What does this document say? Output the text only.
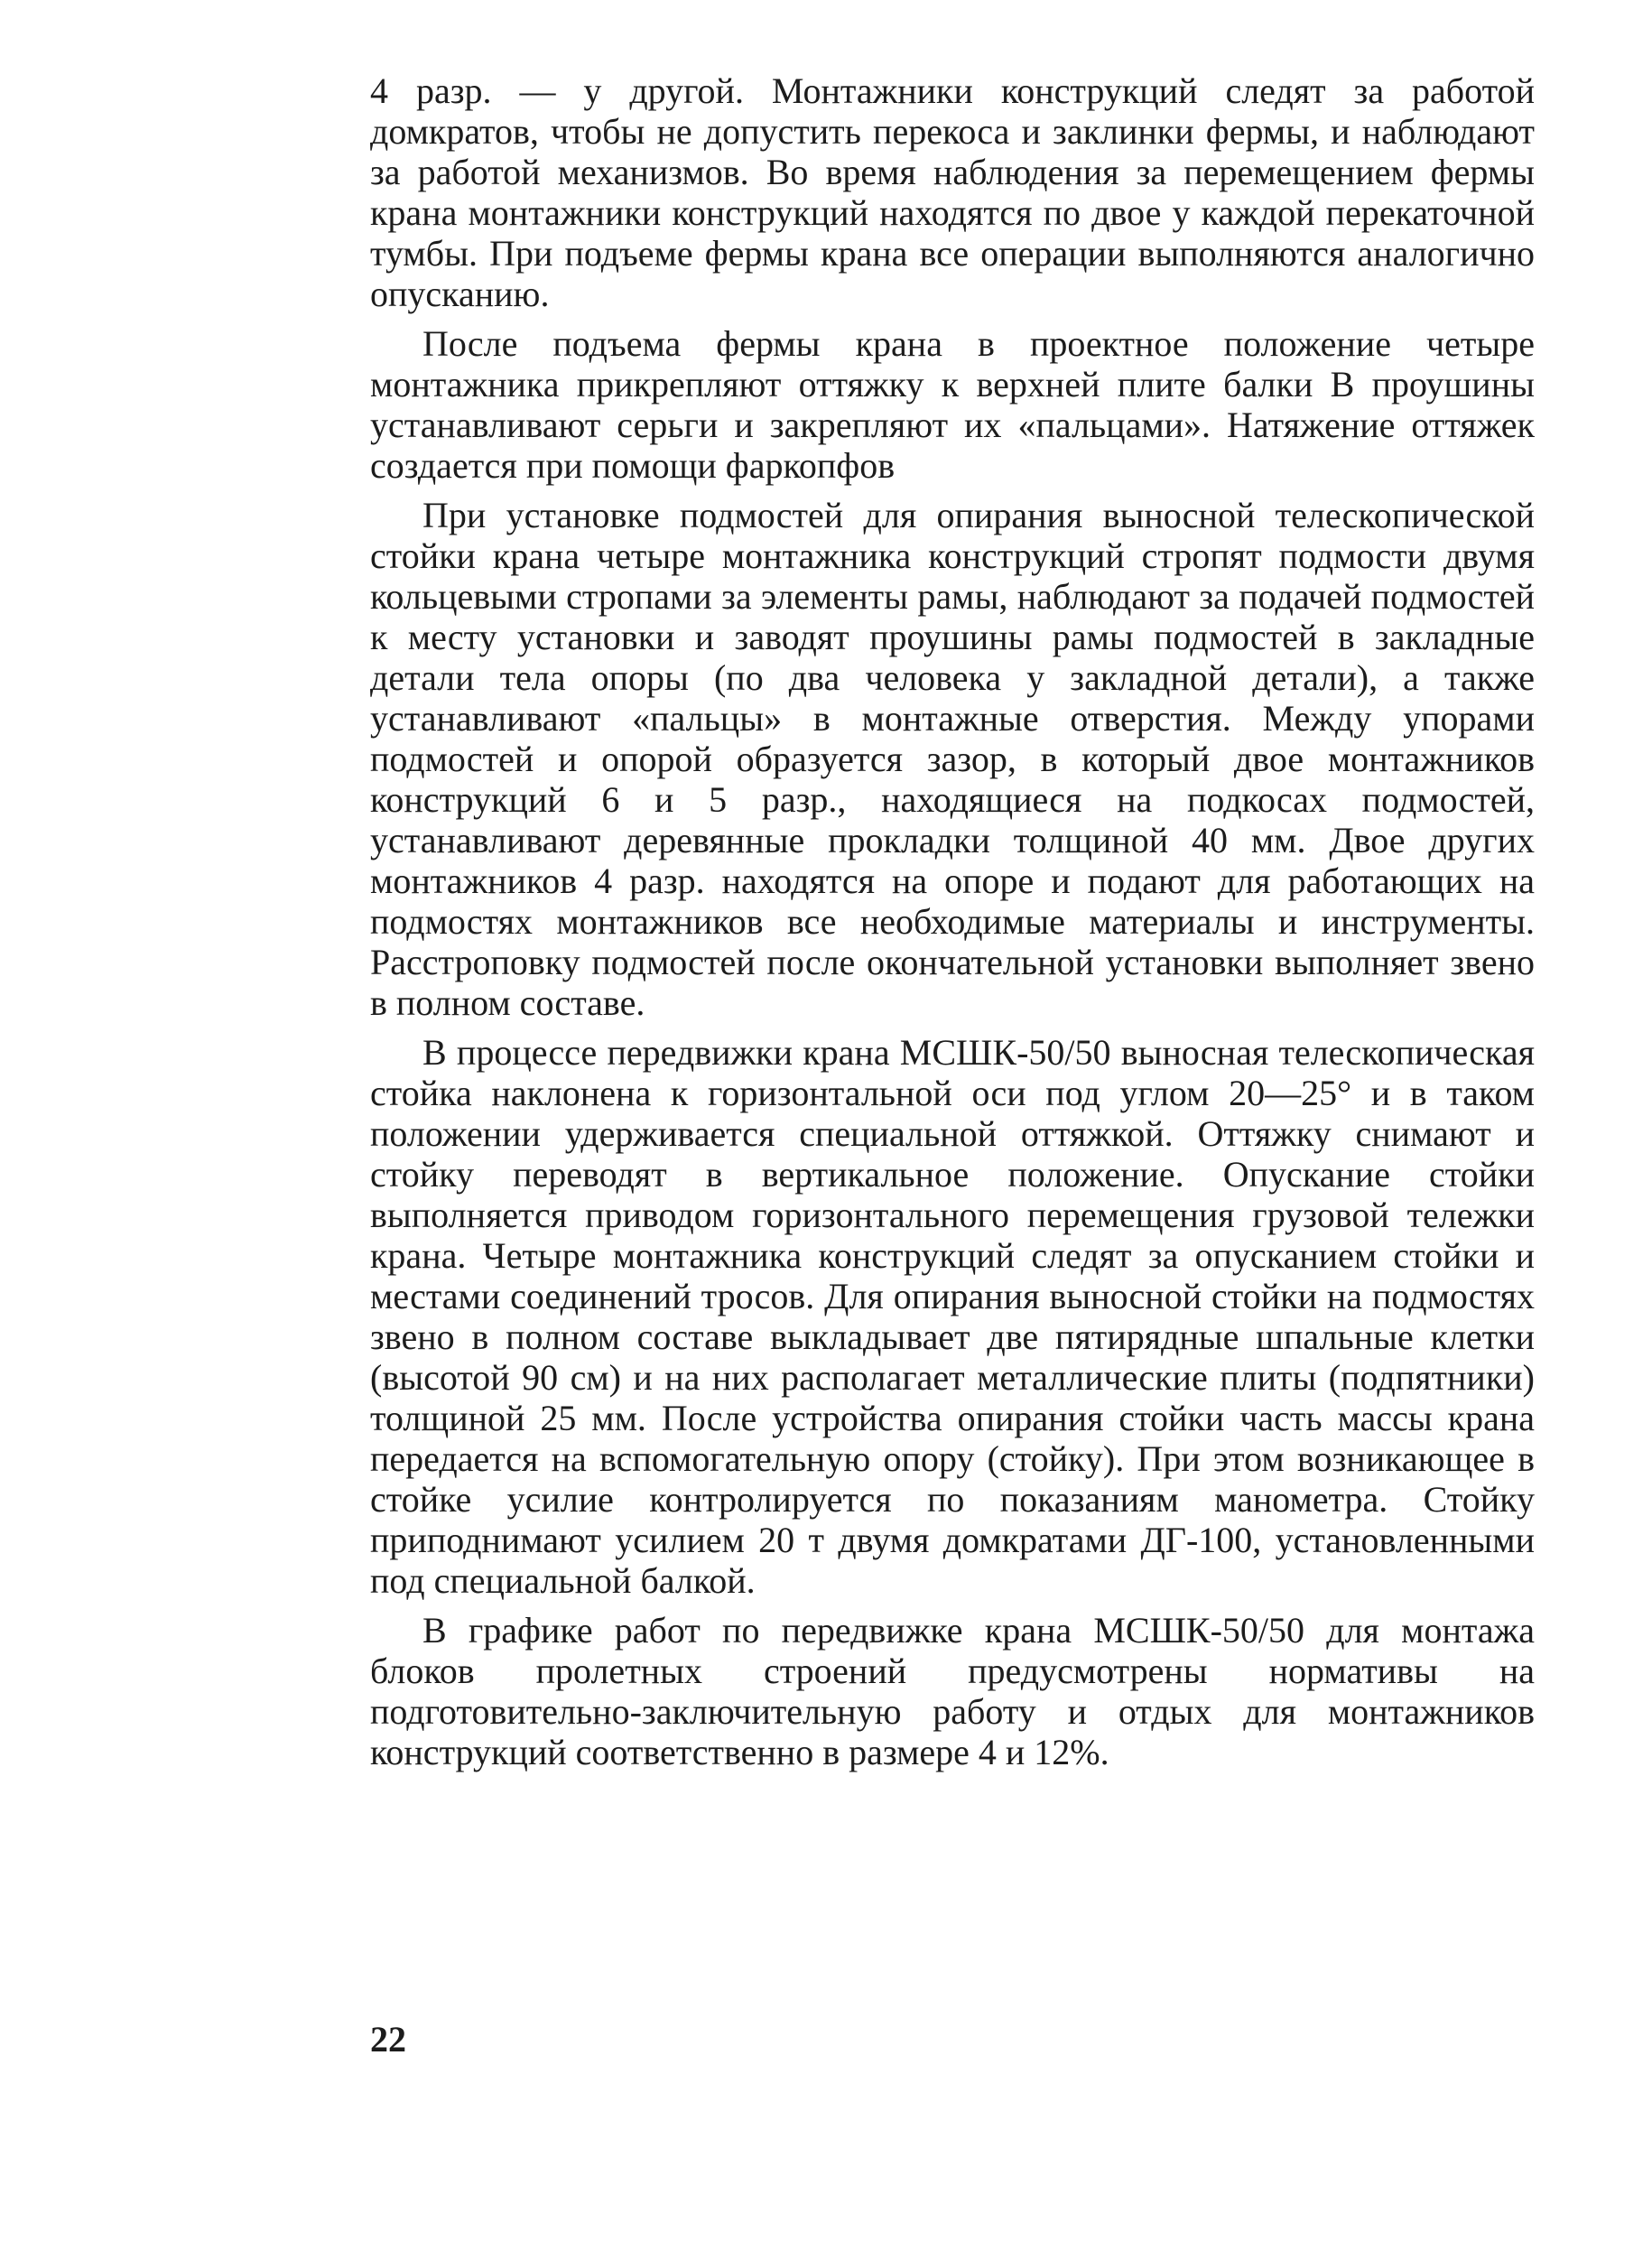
4 разр. — у другой. Монтажники конструкций следят за работой домкратов, чтобы не допустить перекоса и заклинки фермы, и наблюдают за работой механизмов. Во время наблюдения за перемещением фермы крана монтажники конструкций находятся по двое у каждой перекаточной тумбы. При подъеме фермы крана все операции выполняются аналогично опусканию.

После подъема фермы крана в проектное положение четыре монтажника прикрепляют оттяжку к верхней плите балки В проушины устанавливают серьги и закрепляют их «пальцами». Натяжение оттяжек создается при помощи фаркопфов

При установке подмостей для опирания выносной телескопической стойки крана четыре монтажника конструкций стропят подмости двумя кольцевыми стропами за элементы рамы, наблюдают за подачей подмостей к месту установки и заводят проушины рамы подмостей в закладные детали тела опоры (по два человека у закладной детали), а также устанавливают «пальцы» в монтажные отверстия. Между упорами подмостей и опорой образуется зазор, в который двое монтажников конструкций 6 и 5 разр., находящиеся на подкосах подмостей, устанавливают деревянные прокладки толщиной 40 мм. Двое других монтажников 4 разр. находятся на опоре и подают для работающих на подмостях монтажников все необходимые материалы и инструменты. Расстроповку подмостей после окончательной установки выполняет звено в полном составе.

В процессе передвижки крана МСШК-50/50 выносная телескопическая стойка наклонена к горизонтальной оси под углом 20—25° и в таком положении удерживается специальной оттяжкой. Оттяжку снимают и стойку переводят в вертикальное положение. Опускание стойки выполняется приводом горизонтального перемещения грузовой тележки крана. Четыре монтажника конструкций следят за опусканием стойки и местами соединений тросов. Для опирания выносной стойки на подмостях звено в полном составе выкладывает две пятирядные шпальные клетки (высотой 90 см) и на них располагает металлические плиты (подпятники) толщиной 25 мм. После устройства опирания стойки часть массы крана передается на вспомогательную опору (стойку). При этом возникающее в стойке усилие контролируется по показаниям манометра. Стойку приподнимают усилием 20 т двумя домкратами ДГ-100, установленными под специальной балкой.

В графике работ по передвижке крана МСШК-50/50 для монтажа блоков пролетных строений предусмотрены нормативы на подготовительно-заключительную работу и отдых для монтажников конструкций соответственно в размере 4 и 12%.

22
